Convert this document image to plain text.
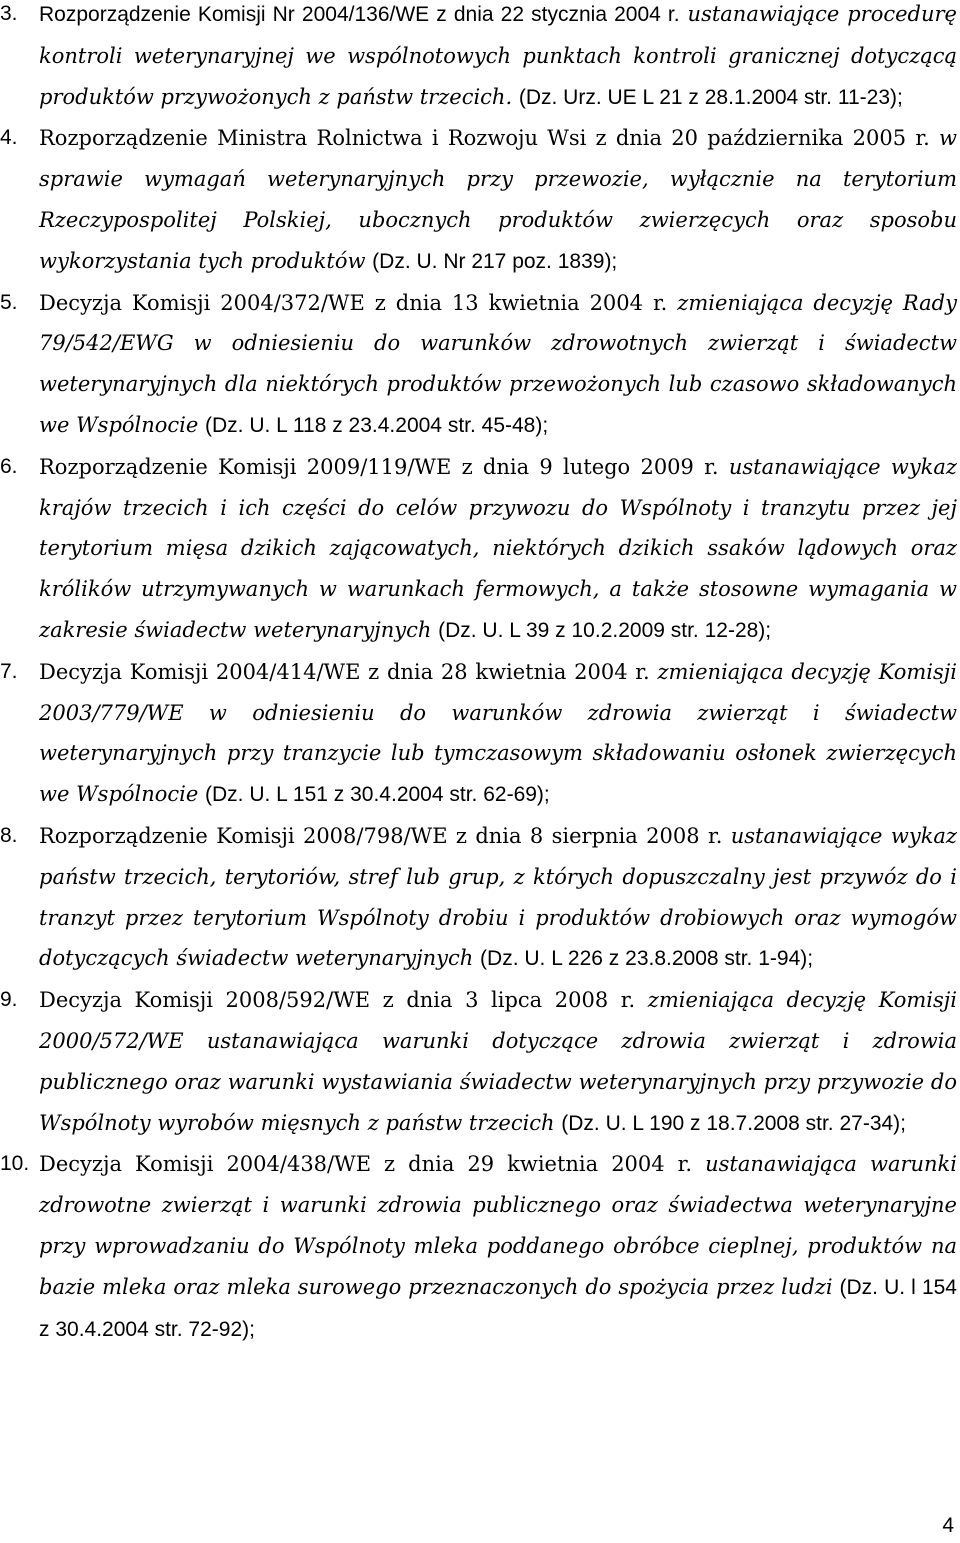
3. Rozporządzenie Komisji Nr 2004/136/WE z dnia 22 stycznia 2004 r. ustanawiające procedurę kontroli weterynaryjnej we wspólnotowych punktach kontroli granicznej dotyczącą produktów przywożonych z państw trzecich. (Dz. Urz. UE L 21 z 28.1.2004 str. 11-23);
4. Rozporządzenie Ministra Rolnictwa i Rozwoju Wsi z dnia 20 października 2005 r. w sprawie wymagań weterynaryjnych przy przewozie, wyłącznie na terytorium Rzeczypospolitej Polskiej, ubocznych produktów zwierzęcych oraz sposobu wykorzystania tych produktów (Dz. U. Nr 217 poz. 1839);
5. Decyzja Komisji 2004/372/WE z dnia 13 kwietnia 2004 r. zmieniająca decyzję Rady 79/542/EWG w odniesieniu do warunków zdrowotnych zwierząt i świadectw weterynaryjnych dla niektórych produktów przewożonych lub czasowo składowanych we Wspólnocie (Dz. U. L 118 z 23.4.2004 str. 45-48);
6. Rozporządzenie Komisji 2009/119/WE z dnia 9 lutego 2009 r. ustanawiające wykaz krajów trzecich i ich części do celów przywozu do Wspólnoty i tranzytu przez jej terytorium mięsa dzikich zającowatych, niektórych dzikich ssaków lądowych oraz królików utrzymywanych w warunkach fermowych, a także stosowne wymagania w zakresie świadectw weterynaryjnych (Dz. U. L 39 z 10.2.2009 str. 12-28);
7. Decyzja Komisji 2004/414/WE z dnia 28 kwietnia 2004 r. zmieniająca decyzję Komisji 2003/779/WE w odniesieniu do warunków zdrowia zwierząt i świadectw weterynaryjnych przy tranzycie lub tymczasowym składowaniu osłonek zwierzęcych we Wspólnocie (Dz. U. L 151 z 30.4.2004 str. 62-69);
8. Rozporządzenie Komisji 2008/798/WE z dnia 8 sierpnia 2008 r. ustanawiające wykaz państw trzecich, terytoriów, stref lub grup, z których dopuszczalny jest przywóz do i tranzyt przez terytorium Wspólnoty drobiu i produktów drobiowych oraz wymogów dotyczących świadectw weterynaryjnych (Dz. U. L 226 z 23.8.2008 str. 1-94);
9. Decyzja Komisji 2008/592/WE z dnia 3 lipca 2008 r. zmieniająca decyzję Komisji 2000/572/WE ustanawiająca warunki dotyczące zdrowia zwierząt i zdrowia publicznego oraz warunki wystawiania świadectw weterynaryjnych przy przywozie do Wspólnoty wyrobów mięsnych z państw trzecich (Dz. U. L 190 z 18.7.2008 str. 27-34);
10. Decyzja Komisji 2004/438/WE z dnia 29 kwietnia 2004 r. ustanawiająca warunki zdrowotne zwierząt i warunki zdrowia publicznego oraz świadectwa weterynaryjne przy wprowadzaniu do Wspólnoty mleka poddanego obróbce cieplnej, produktów na bazie mleka oraz mleka surowego przeznaczonych do spożycia przez ludzi (Dz. U. l 154 z 30.4.2004 str. 72-92);
4
